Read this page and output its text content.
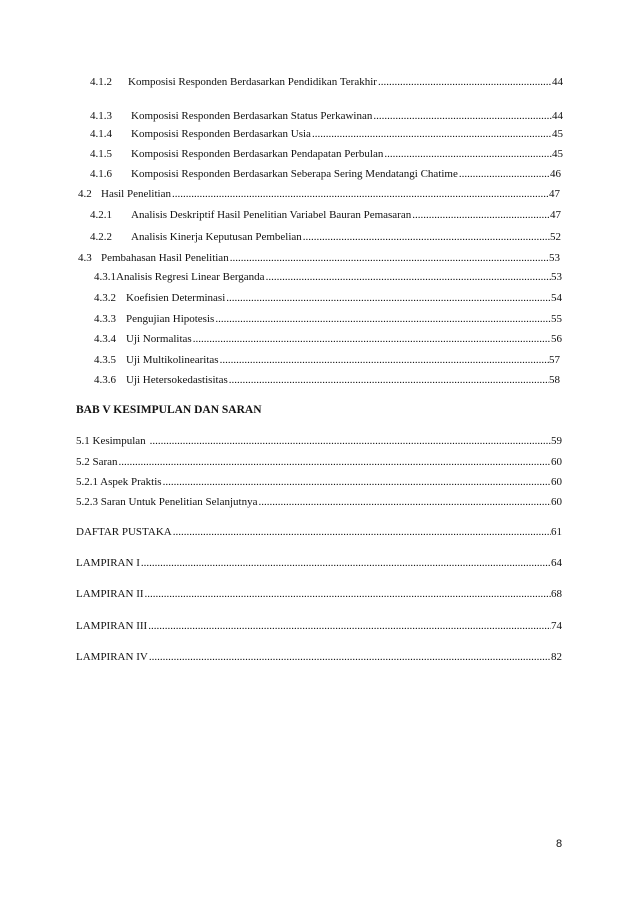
4.1.2	Komposisi Responden Berdasarkan Pendidikan Terakhir .....	44
4.1.3	Komposisi Responden Berdasarkan Status Perkawinan .....	44
4.1.4	Komposisi Responden Berdasarkan Usia .....	45
4.1.5	Komposisi Responden Berdasarkan Pendapatan Perbulan .....	45
4.1.6	Komposisi Responden Berdasarkan Seberapa Sering Mendatangi Chatime .....	46
4.2 Hasil Penelitian .....	47
4.2.1	Analisis Deskriptif Hasil Penelitian Variabel Bauran Pemasaran .....	47
4.2.2	Analisis Kinerja Keputusan Pembelian .....	52
4.3 Pembahasan Hasil Penelitian .....	53
4.3.1 Analisis Regresi Linear Berganda .....	53
4.3.2 Koefisien Determinasi .....	54
4.3.3 Pengujian Hipotesis .....	55
4.3.4 Uji Normalitas .....	56
4.3.5 Uji Multikolinearitas .....	57
4.3.6 Uji Hetersokedastisitas .....	58
BAB V KESIMPULAN DAN SARAN
5.1 Kesimpulan .....	59
5.2 Saran .....	60
5.2.1 Aspek Praktis .....	60
5.2.3 Saran Untuk Penelitian Selanjutnya .....	60
DAFTAR PUSTAKA .....	61
LAMPIRAN I .....	64
LAMPIRAN II .....	68
LAMPIRAN III .....	74
LAMPIRAN IV .....	82
8
